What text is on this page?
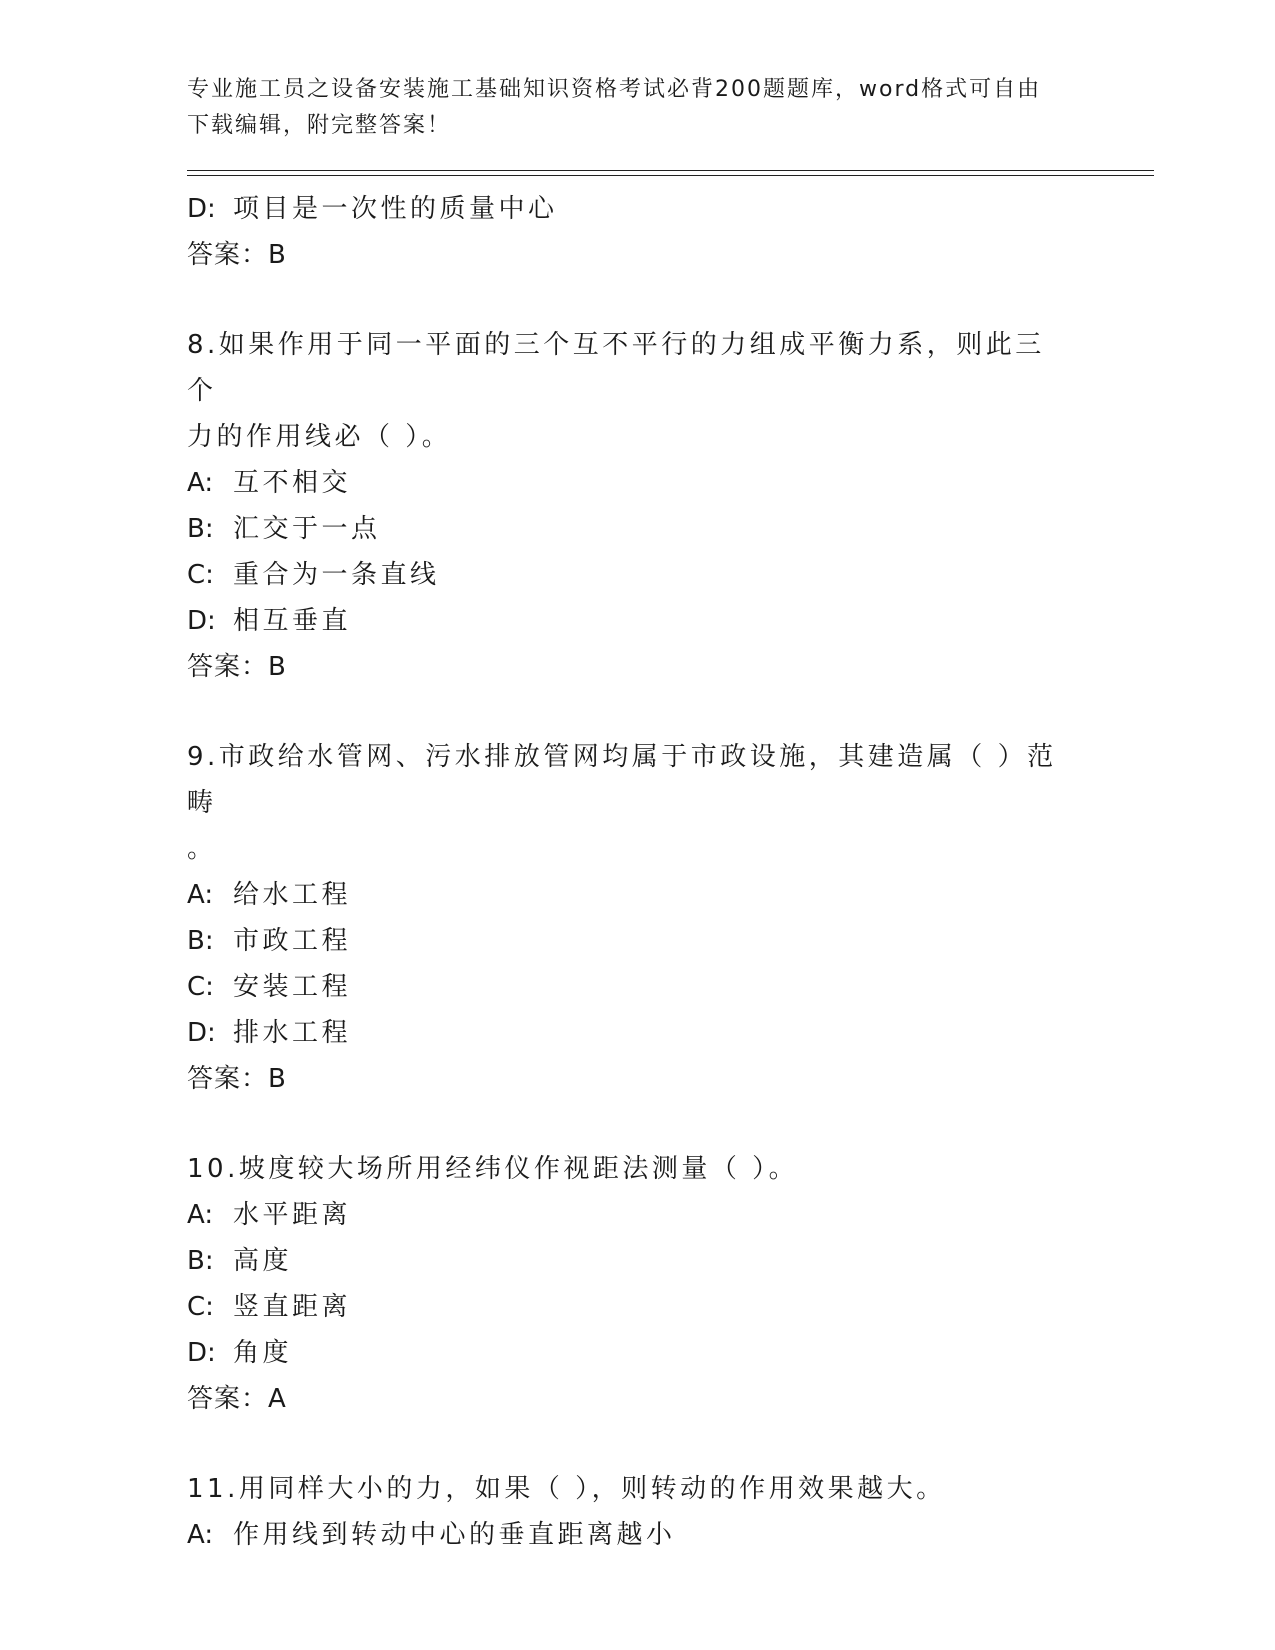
专业施工员之设备安装施工基础知识资格考试必背200题题库，word格式可自由
下载编辑，附完整答案！
D: 项目是一次性的质量中心
答案：B
8.如果作用于同一平面的三个互不平行的力组成平衡力系，则此三个
力的作用线必（ ）。
A: 互不相交
B: 汇交于一点
C: 重合为一条直线
D: 相互垂直
答案：B
9.市政给水管网、污水排放管网均属于市政设施，其建造属（ ）范畴
。
A: 给水工程
B: 市政工程
C: 安装工程
D: 排水工程
答案：B
10.坡度较大场所用经纬仪作视距法测量（ ）。
A: 水平距离
B: 高度
C: 竖直距离
D: 角度
答案：A
11.用同样大小的力，如果（ ），则转动的作用效果越大。
A: 作用线到转动中心的垂直距离越小
